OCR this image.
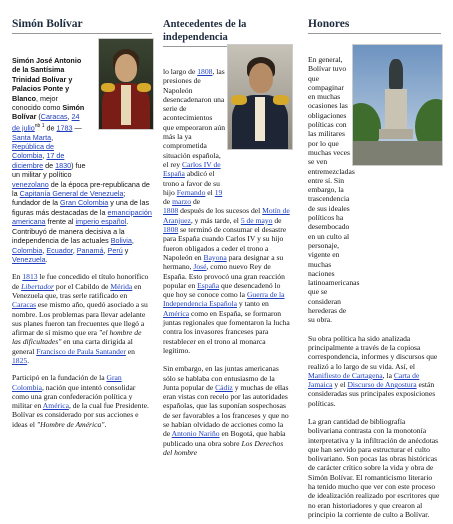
Simón Bolívar

Simón José Antonio de la Santísima Trinidad Bolívar y Palacios Ponte y Blanco, mejor conocido como Simón Bolívar (Caracas, 24 de julio$^{nb 1}$ de 1783 — Santa Marta, República de Colombia, 17 de diciembre de 1830) fue un militar y político

venezolano de la época pre-republicana de la Capitanía General de Venezuela; fundador de la Gran Colombia y una de las figuras más destacadas de la emancipación americana frente al imperio español. Contribuyó de manera decisiva a la independencia de las actuales Bolivia, Colombia, Ecuador, Panamá, Perú y Venezuela.

En 1813 le fue concedido el título honorífico de Libertador por el Cabildo de Mérida en Venezuela que, tras serle ratificado en Caracas ese mismo año, quedó asociado a su nombre. Los problemas para llevar adelante sus planes fueron tan frecuentes que llegó a afirmar de sí mismo que era "el hombre de las dificultades" en una carta dirigida al general Francisco de Paula Santander en 1825.

Participó en la fundación de la Gran Colombia, nación que intentó consolidar como una gran confederación política y militar en América, de la cual fue Presidente. Bolívar es considerado por sus acciones e ideas el "Hombre de América".

Antecedentes de la independencia

lo largo de 1808, las presiones de Napoleón desencadenaron una serie de acontecimientos que empeoraron aún más la ya comprometida situación española, el rey Carlos IV de España abdicó el trono a favor de su hijo Fernando el 19 de marzo de

1808 después de los sucesos del Motín de Aranjuez, y más tarde, el 5 de mayo de 1808 se terminó de consumar el desastre para España cuando Carlos IV y su hijo fueron obligados a ceder el trono a Napoleón en Bayona para designar a su hermano, José, como nuevo Rey de España. Esto provocó una gran reacción popular en España que desencadenó lo que hoy se conoce como la Guerra de la Independencia Española y tanto en América como en España, se formaron juntas regionales que fomentaron la lucha contra los invasores franceses para restablecer en el trono al monarca legítimo.

Sin embargo, en las juntas americanas sólo se hablaba con entusiasmo de la Junta popular de Cádiz y muchas de ellas eran vistas con recelo por las autoridades españolas, que las suponían sospechosas de ser favorables a los franceses y que no se habían olvidado de acciones como la de Antonio Nariño en Bogotá, que había publicado una obra sobre Los Derechos del hombre

Honores

En general, Bolívar tuvo que compaginar en muchas ocasiones las obligaciones políticas con las militares por lo que muchas veces se ven entremezcladas entre sí. Sin embargo, la trascendencia de sus ideales políticos ha desembocado en un culto al personaje, vigente en muchas naciones latinoamericanas que se consideran herederas de su obra.

Su obra política ha sido analizada principalmente a través de la copiosa correspondencia, informes y discursos que realizó a lo largo de su vida. Así, el Manifiesto de Cartagena, la Carta de Jamaica y el Discurso de Angostura están consideradas sus principales exposiciones políticas.

La gran cantidad de bibliografía bolivariana contrasta con la monotonía interpretativa y la infiltración de anécdotas que han servido para estructurar el culto bolivariano. Son pocas las obras históricas de carácter crítico sobre la vida y obra de Simón Bolívar. El romanticismo literario ha tenido mucho que ver con este proceso de idealización realizado por escritores que no eran historiadores y que crearon al principio la corriente de culto a Bolívar.
